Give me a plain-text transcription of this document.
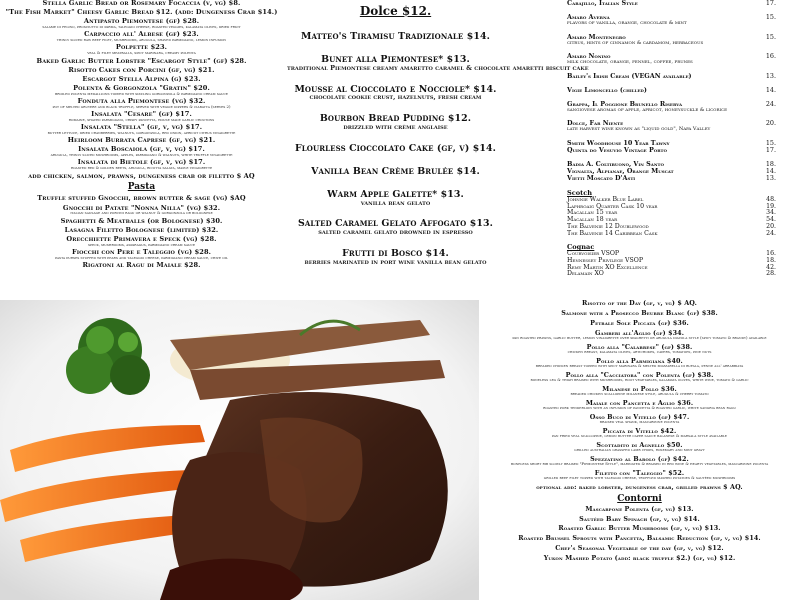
Stella Garlic Bread or Rosemary Focaccia (v, vg) $8.
"The Fish Market" Cheesy Garlic Bread $12. (add: Dungeness Crab $14.)
Antipasto Piemontese (gf) $28.
salame di felino, prosciutto di parma, taleggio cheese, roasted veggies, kalamata olives, dried fruit
Carpaccio all' Albese (gf) $23.
thinly sliced raw beef filet, mushrooms, arugula, shaved parmigiano, lemon infusion
Polpette $23.
veal & filet meatballs, spicy marinara, creamy polenta
Baked Garlic Butter Lobster "Escargot Style" (gf) $28.
Risotto Cakes con Porcini (gf, vg) $21.
Escargot Stella Alpina (g) $23.
Polenta & Gorgonzola "Gratin" $20.
broiled polenta medallions topped with sizzling gorgonzola & parmigiano cream sauce
Fonduta alla Piemontese (vg) $32.
pot of melted gruyere and black truffle, served with veggie dippers & ciabatta (serves 2)
Insalata "Cesare" (gf) $17.
romaine, shaved parmigiano, crispy pancetta, house made garlic croutons
Insalata "Stella" (gf, v, vg) $17.
butter lettuce, dried cranberries, walnuts, gorgonzola, red onion, apricot citrus vinaigrette
Heirloom Burrata Caprese (gf, vg) $21.
Insalata Boscaiola (gf, v, vg) $17.
arugula, thinly sliced mushrooms, apples, parmigiano & walnuts, white truffle vinaigrette
Insalata di Bietole (gf, v, vg) $17.
roasted red & golden beets, arugula, ricotta salata, maple vinaigrette
add chicken, salmon, prawns, dungeness crab or filetto $ AQ
Pasta
Truffle stuffed Gnocchi, brown butter & sage (vg) $AQ
Gnocchi di Patate "Nonna Nilla" (vg) $32.
italian sausage and porcini ragu or walnut & gorgonzola or bolognese
Spaghetti & Meatballs (or Bolognese) $30.
Lasagna Filetto Bolognese (limited) $32.
Orecchiette Primavera e Speck (vg) $28.
speck, mushrooms, asparagus, parmigiano cream sauce
Fiocchi con Pere e Taleggio (vg) $28.
pasta purses stuffed with pears and taleggio cheese, parmigiano cream sauce, chive oil
Rigatoni al Ragu di Maiale $28.
Dolce $12.
Matteo's Tiramisu Tradizionale $14.
Bunet alla Piemontese* $13.
traditional Piemontese creamy amaretto caramel & chocolate amaretti biscuit cake
Mousse al Cioccolato e Nocciole* $14.
chocolate cookie crust, hazelnuts, fresh cream
Bourbon Bread Pudding $12.
drizzled with crème anglaise
Flourless Cioccolato Cake (gf, v) $14.
Vanilla Bean Crème Brulée $14.
Warm Apple Galette* $13.
vanilla bean gelato
Salted Caramel Gelato Affogato $13.
salted caramel gelato drowned in espresso
Frutti di Bosco $14.
berries marinated in port wine vanilla bean gelato
Carajillo, Italian Style	17.
Amaro Averna	15.
flavors of vanilla, orange, chocolate & mint
Amaro Montenegro	15.
citrus, hints of cinnamon & cardamom, herbaceous
Amaro Nonino	16.
milk chocolate, orange, fennel, coffee, prunes
Bailey's Irish Cream (VEGAN available)	13.
Vigie Limoncello (chilled)	14.
Grappa, Il Poggione Brunello Riserva	24.
sangiovese aromas of apple, apricot, honeysuckle & licorice
Dolce, Far Niente	20.
late harvest wine known as "liquid gold", Napa Valley
Smith Woodhouse 10 Year Tawny	15.
Quinta do Vesuvio Vintage Porto	17.
Badia A. Coltibuono, Vin Santo	18.
Vignalta, Alpianae, Orange Muscat	14.
Vietti Moscato D'Asti	13.
Scotch
Johnnie Walker Blue Label	48.
Laphroaig Quarter Cask 10 year	19.
Macallan 15 year	34.
Macallan 18 year	54.
The Balvenie 12 Doublewood	20.
The Balvenie 14 Caribbean Cask	24.
Cognac
Courvoisier VSOP	16.
Hennessey Privilege VSOP	18.
Remy Martin XO Excellence	42.
Delamain XO	28.
Risotto of the Day (gf, v, vg) $ AQ.
Salmone with a Prosecco Beurre Blanc (gf) $38.
Petrale Sole Piccata (gf) $36.
Gamberi all'Aglio (gf) $34.
pan roasted prawns, garlic butter, lemon vinaigrette over spaghetti or arugula diavola style (spicy tomato & brandy) available
Pollo alla "Calabrese" (gf) $38.
chicken breast, kalamata olives, artichokes, capers, tomatoes, pine nuts
Pollo alla Parmigiana $40.
breaded chicken breast topped with spicy marinara & melted mozzarella di bufala, penne all' arrabbiata
Pollo alla "Cacciatora" con Polenta (gf) $38.
boneless leg & thigh braised with mushrooms, root vegetables, kalamata olives, white wine, tomato & garlic
Milanese di Pollo $36.
breaded chicken scallopine milanese style, arugula & cherry tomato
Maiale con Pancetta e Aglio $36.
roasted pork tenderloin with an infusion of pancetta & roasted garlic, white sangria bean ragu
Osso Buco di Vitello (gf) $47.
braised veal shank, mascarpone polenta
Piccata di Vitello $42.
pan fried veal scallopine, lemon butter caper sauce balanese & marsala style available
Scottadito di Agnello $50.
grilled australian grassfed lamb chops, rosemary and mint gravy
Spezzatino al Barolo (gf) $42.
boneless short rib slowly braised "Piemontese Style", marinated & braised in red wine & hearty vegetables, mascarpone polenta
Filetto con "Taleggio" $52.
grilled beef filet topped with taleggio cheese, truffled mashed potatoes & sautéed mushrooms
optional add: baked lobster, dungeness crab, grilled prawns $ AQ.
Contorni
Mascarpone Polenta (gf, vg) $13.
Sautéed Baby Spinach (gf, v, vg) $14.
Roasted Garlic Butter Mushrooms (gf, v, vg) $13.
Roasted Brussel Sprouts with Pancetta, Balsamic Reduction (gf, v, vg) $14.
Chef's Seasonal Vegetable of the day (gf, v, vg) $12.
Yukon Mashed Potato (add: black truffle $2.) (gf, vg) $12.
